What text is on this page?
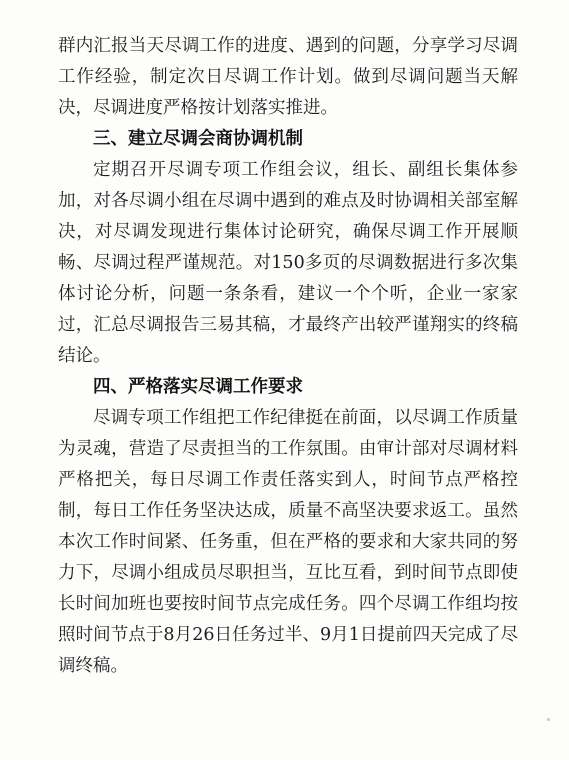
群内汇报当天尽调工作的进度、遇到的问题，分享学习尽调工作经验，制定次日尽调工作计划。做到尽调问题当天解决，尽调进度严格按计划落实推进。

三、建立尽调会商协调机制

定期召开尽调专项工作组会议，组长、副组长集体参加，对各尽调小组在尽调中遇到的难点及时协调相关部室解决，对尽调发现进行集体讨论研究，确保尽调工作开展顺畅、尽调过程严谨规范。对150多页的尽调数据进行多次集体讨论分析，问题一条条看，建议一个个听，企业一家家过，汇总尽调报告三易其稿，才最终产出较严谨翔实的终稿结论。

四、严格落实尽调工作要求

尽调专项工作组把工作纪律挺在前面，以尽调工作质量为灵魂，营造了尽责担当的工作氛围。由审计部对尽调材料严格把关，每日尽调工作责任落实到人，时间节点严格控制，每日工作任务坚决达成，质量不高坚决要求返工。虽然本次工作时间紧、任务重，但在严格的要求和大家共同的努力下，尽调小组成员尽职担当，互比互看，到时间节点即使长时间加班也要按时间节点完成任务。四个尽调工作组均按照时间节点于8月26日任务过半、9月1日提前四天完成了尽调终稿。
